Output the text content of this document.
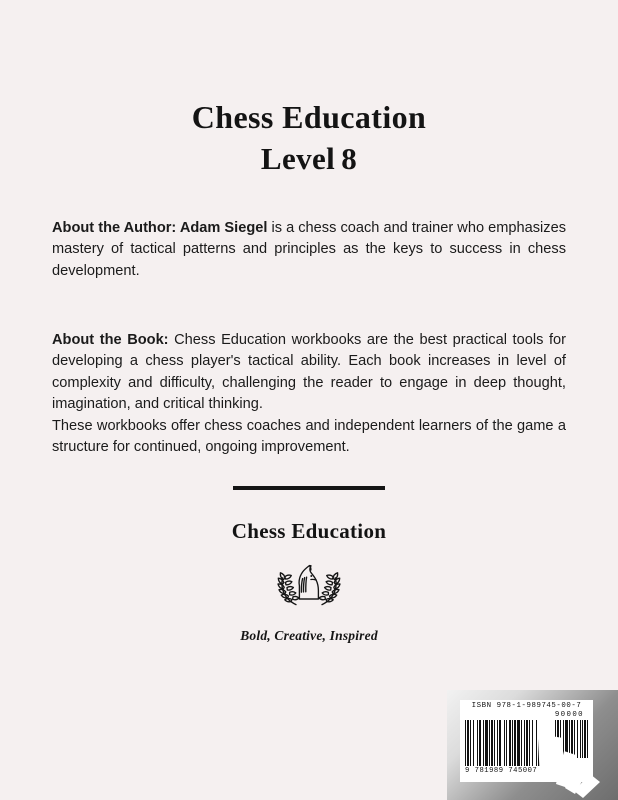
Chess Education
Level 8
About the Author: Adam Siegel is a chess coach and trainer who emphasizes mastery of tactical patterns and principles as the keys to success in chess development.
About the Book: Chess Education workbooks are the best practical tools for developing a chess player's tactical ability. Each book increases in level of complexity and difficulty, challenging the reader to engage in deep thought, imagination, and critical thinking.
These workbooks offer chess coaches and independent learners of the game a structure for continued, ongoing improvement.
Chess Education
Bold, Creative, Inspired
ISBN 978-1-989745-00-7
90000
9 781989 745007
